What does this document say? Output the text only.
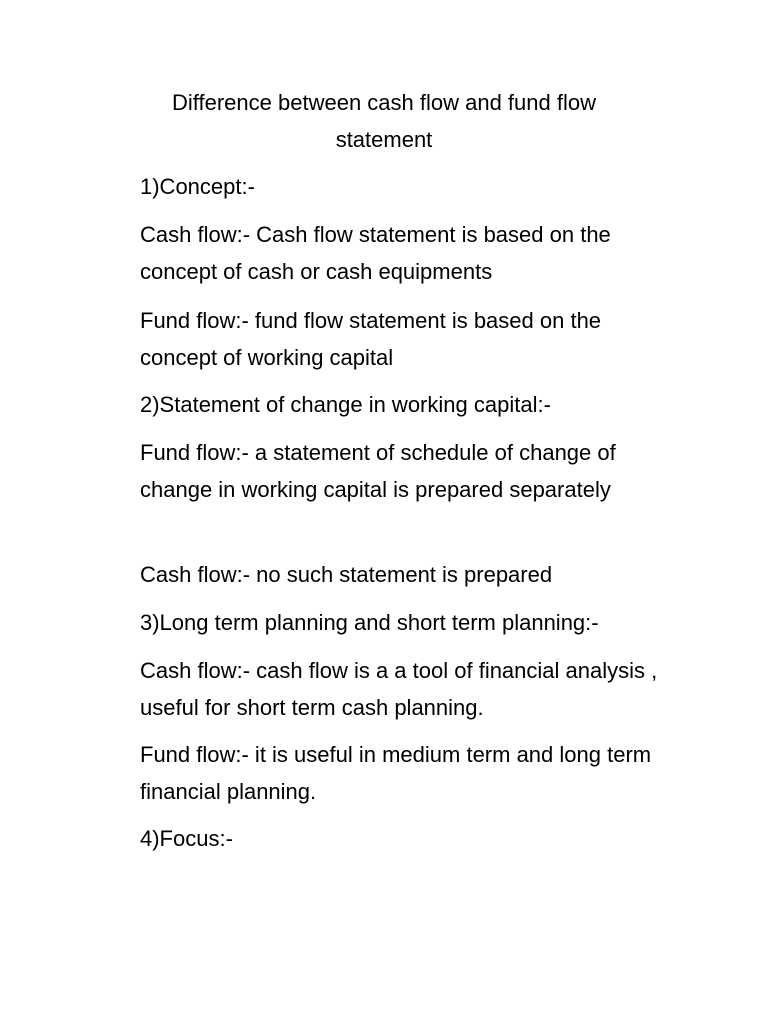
Difference between cash flow and fund flow
statement

1)Concept:-

Cash flow:- Cash flow statement is based on the concept of cash or cash equipments

Fund flow:- fund flow statement is based on the concept of working capital

2)Statement of change in working capital:-

Fund flow:- a statement of schedule of change of change in working capital is prepared separately

Cash flow:- no such statement is prepared

3)Long term planning and short term planning:-

Cash flow:- cash flow is a a tool of financial analysis , useful for short term cash planning.

Fund flow:- it is useful in medium term and long term financial planning.

4)Focus:-
